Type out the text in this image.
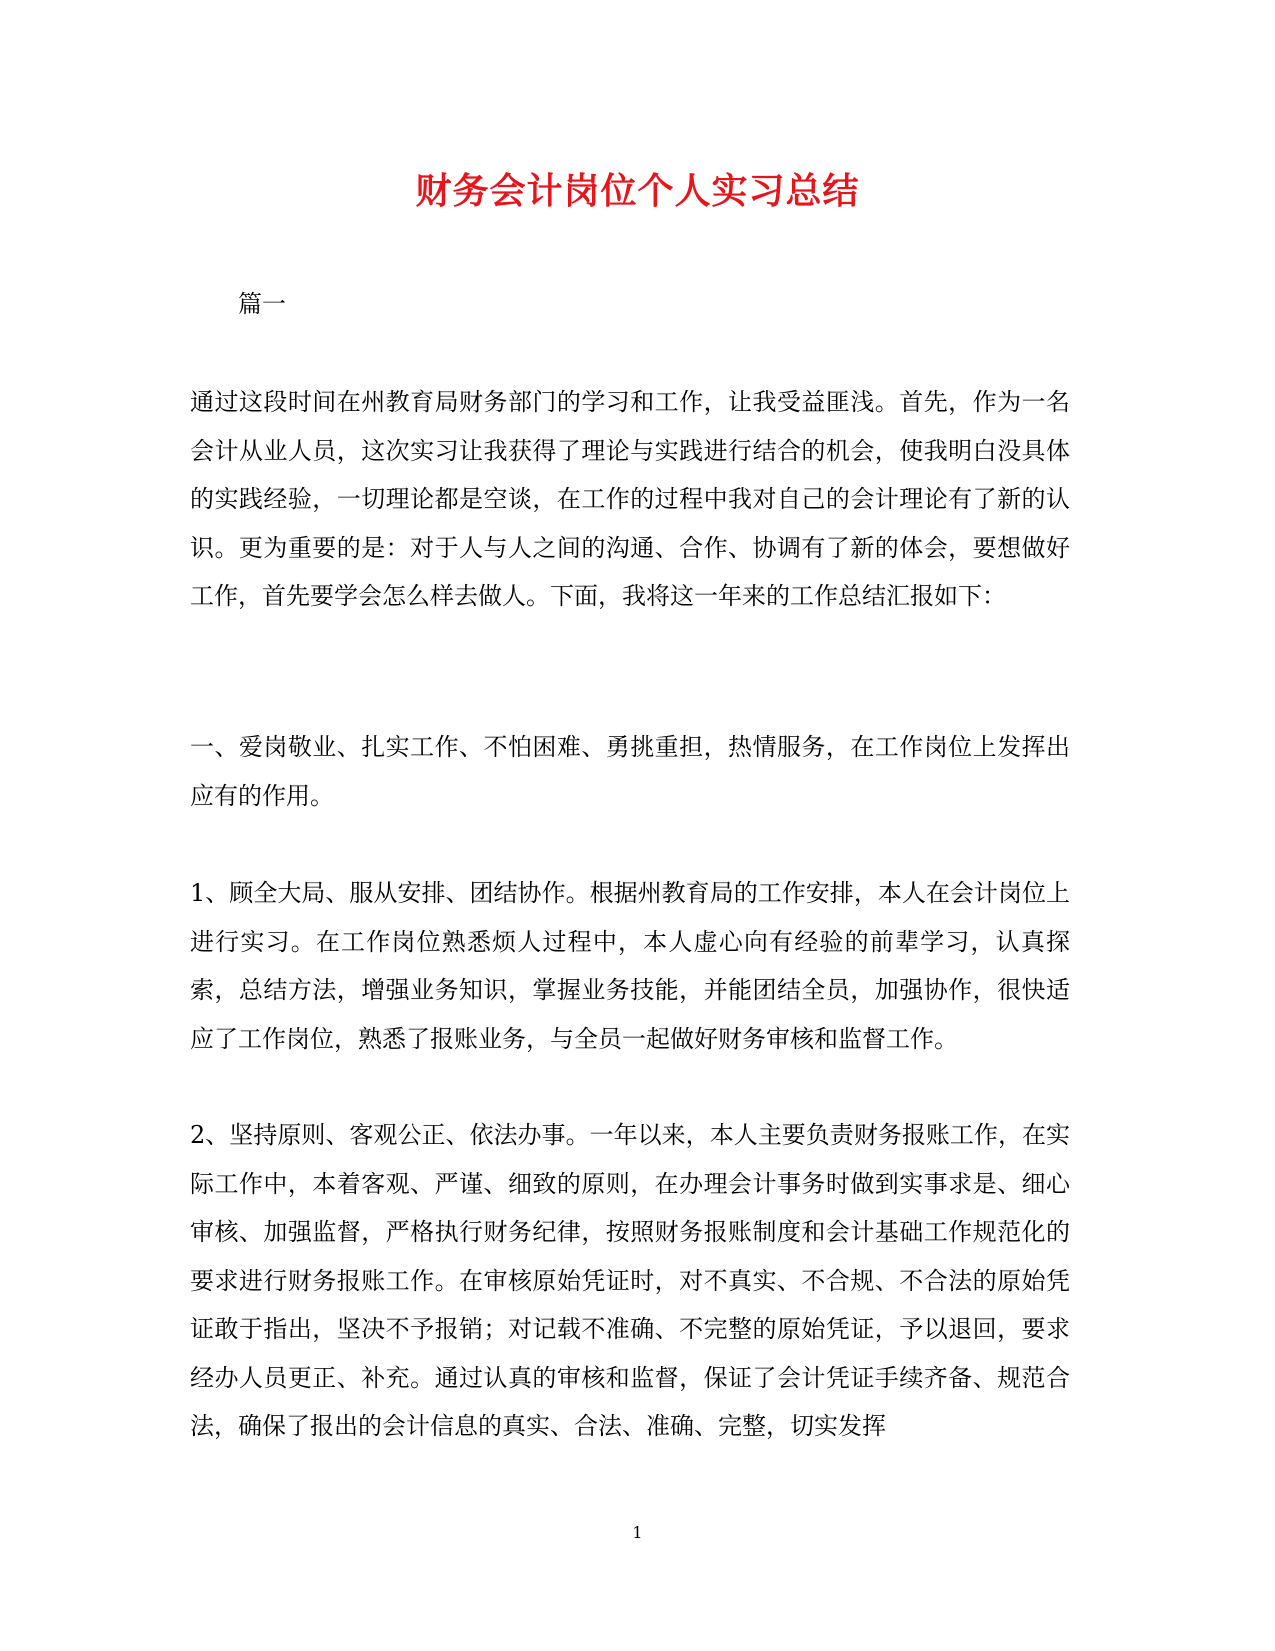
财务会计岗位个人实习总结
篇一

通过这段时间在州教育局财务部门的学习和工作，让我受益匪浅。首先，作为一名会计从业人员，这次实习让我获得了理论与实践进行结合的机会，使我明白没具体的实践经验，一切理论都是空谈，在工作的过程中我对自己的会计理论有了新的认识。更为重要的是：对于人与人之间的沟通、合作、协调有了新的体会，要想做好工作，首先要学会怎么样去做人。下面，我将这一年来的工作总结汇报如下：

一、爱岗敬业、扎实工作、不怕困难、勇挑重担，热情服务，在工作岗位上发挥出应有的作用。

1、顾全大局、服从安排、团结协作。根据州教育局的工作安排，本人在会计岗位上进行实习。在工作岗位熟悉烦人过程中，本人虚心向有经验的前辈学习，认真探索，总结方法，增强业务知识，掌握业务技能，并能团结全员，加强协作，很快适应了工作岗位，熟悉了报账业务，与全员一起做好财务审核和监督工作。

2、坚持原则、客观公正、依法办事。一年以来，本人主要负责财务报账工作，在实际工作中，本着客观、严谨、细致的原则，在办理会计事务时做到实事求是、细心审核、加强监督，严格执行财务纪律，按照财务报账制度和会计基础工作规范化的要求进行财务报账工作。在审核原始凭证时，对不真实、不合规、不合法的原始凭证敢于指出，坚决不予报销；对记载不准确、不完整的原始凭证，予以退回，要求经办人员更正、补充。通过认真的审核和监督，保证了会计凭证手续齐备、规范合法，确保了报出的会计信息的真实、合法、准确、完整，切实发挥

1
